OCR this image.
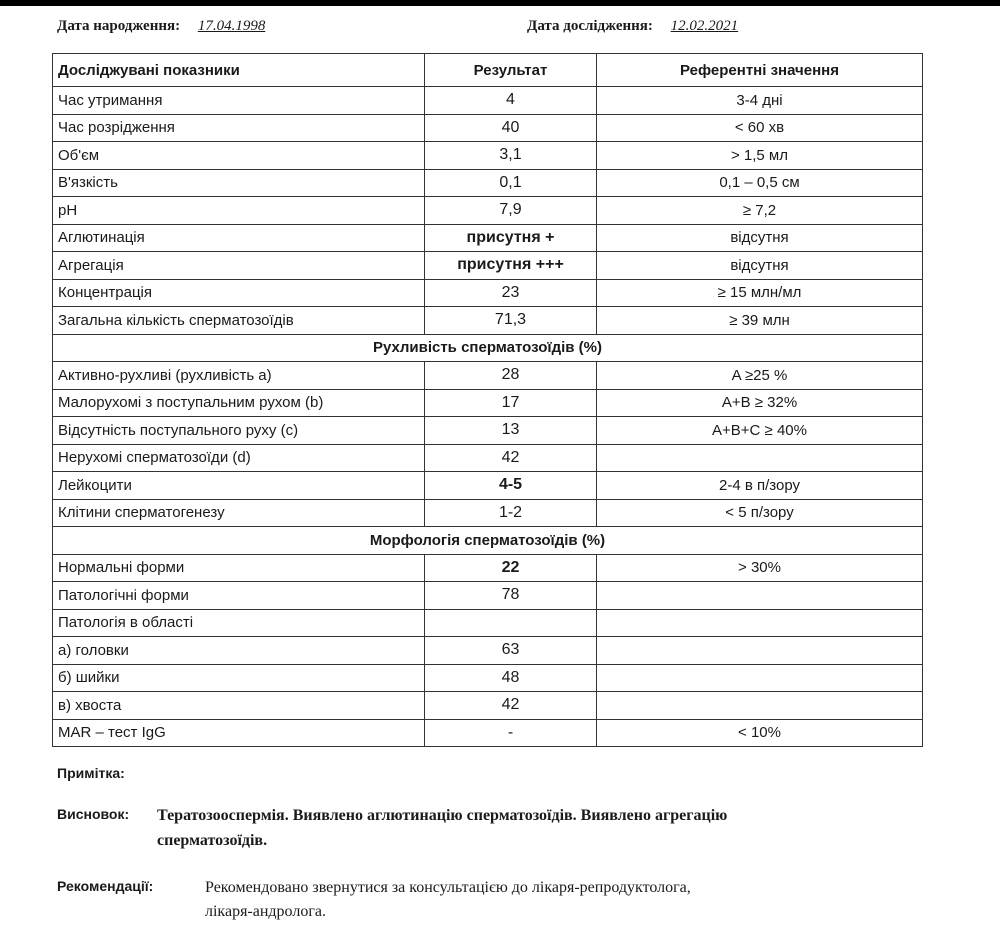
Дата народження: 17.04.1998	Дата дослідження: 12.02.2021
Досліджувані показники	Результат	Референтні значення
Час утримання	4	3-4 дні
Час розрідження	40	< 60 хв
Об'єм	3,1	> 1,5 мл
В'язкість	0,1	0,1 – 0,5 см
pH	7,9	≥ 7,2
Аглютинація	присутня +	відсутня
Агрегація	присутня +++	відсутня
Концентрація	23	≥ 15 млн/мл
Загальна кількість сперматозоїдів	71,3	≥ 39 млн
Рухливість сперматозоїдів (%)		
Активно-рухливі (рухливість а)	28	A ≥25 %
Малорухомі з поступальним рухом (b)	17	A+B ≥ 32%
Відсутність поступального руху (c)	13	A+B+C ≥ 40%
Нерухомі сперматозоїди (d)	42	
Лейкоцити	4-5	2-4 в п/зору
Клітини сперматогенезу	1-2	< 5 п/зору
Морфологія сперматозоїдів (%)		
Нормальні форми	22	> 30%
Патологічні форми	78	
Патологія в області		
а) головки	63	
б) шийки	48	
в) хвоста	42	
MAR – тест IgG	-	< 10%
Примітка:
Висновок: Тератозооспермія. Виявлено аглютинацію сперматозоїдів. Виявлено агрегацію
сперматозоїдів.
Рекомендації:	Рекомендовано звернутися за консультацією до лікаря-репродуктолога,
лікаря-андролога.
